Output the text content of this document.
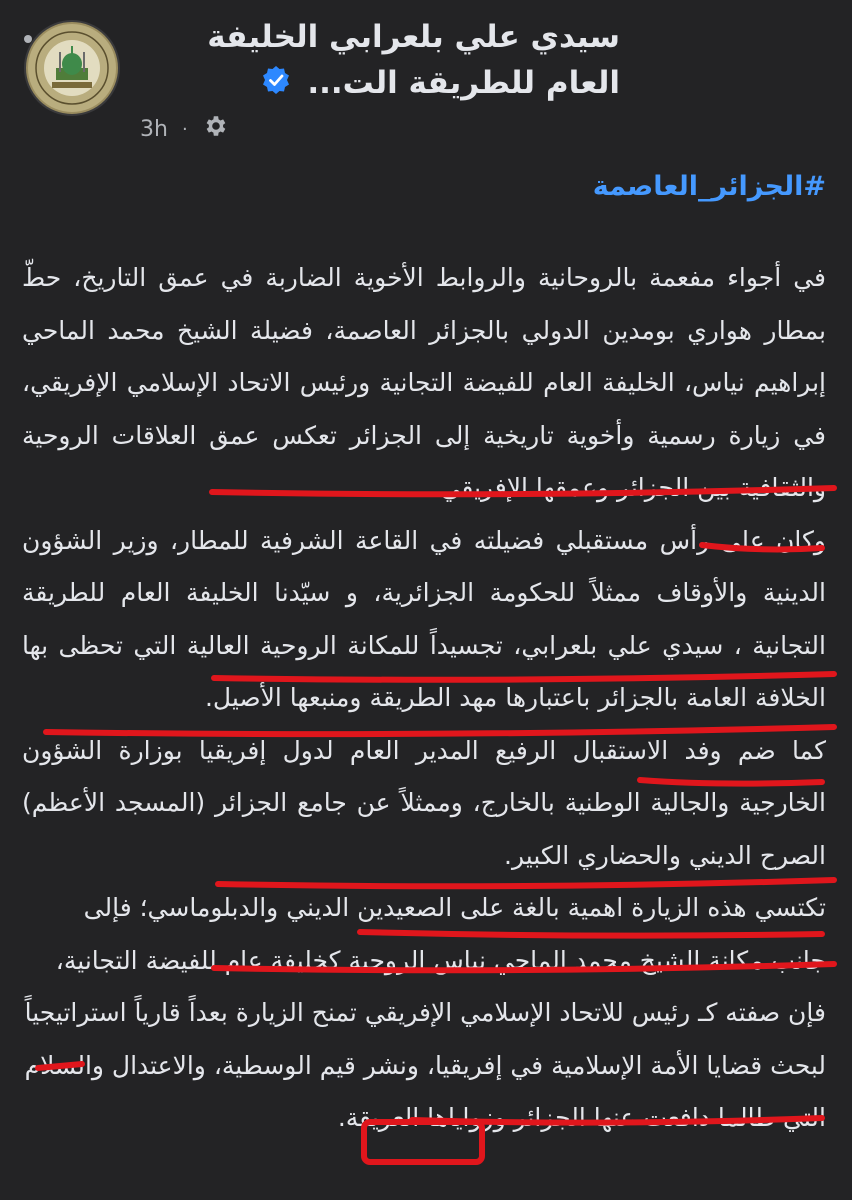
سيدي علي بلعرابي الخليفة العام للطريقة الت...
3h ·
#الجزائر_العاصمة

في أجواء مفعمة بالروحانية والروابط الأخوية الضاربة في عمق التاريخ، حطّ بمطار هواري بومدين الدولي بالجزائر العاصمة، فضيلة الشيخ محمد الماحي إبراهيم نياس، الخليفة العام للفيضة التجانية ورئيس الاتحاد الإسلامي الإفريقي، في زيارة رسمية وأخوية تاريخية إلى الجزائر تعكس عمق العلاقات الروحية والثقافية بين الجزائر وعمقها الإفريقي.

وكان على رأس مستقبلي فضيلته في القاعة الشرفية للمطار، وزير الشؤون الدينية والأوقاف ممثلاً للحكومة الجزائرية، و سيّدنا الخليفة العام للطريقة التجانية ، سيدي علي بلعرابي، تجسيداً للمكانة الروحية العالية التي تحظى بها الخلافة العامة بالجزائر باعتبارها مهد الطريقة ومنبعها الأصيل.

كما ضم وفد الاستقبال الرفيع المدير العام لدول إفريقيا بوزارة الشؤون الخارجية والجالية الوطنية بالخارج، وممثلاً عن جامع الجزائر (المسجد الأعظم) الصرح الديني والحضاري الكبير.

تكتسي هذه الزيارة اهمية بالغة على الصعيدين الديني والدبلوماسي؛ فإلى جانب مكانة الشيخ محمد الماحي نياس الروحية كخليفة عام للفيضة التجانية، فإن صفته كـ رئيس للاتحاد الإسلامي الإفريقي تمنح الزيارة بعداً قارياً استراتيجياً لبحث قضايا الأمة الإسلامية في إفريقيا، ونشر قيم الوسطية، والاعتدال والسلام التي طالما دافعت عنها الجزائر وزواياها العريقة.
